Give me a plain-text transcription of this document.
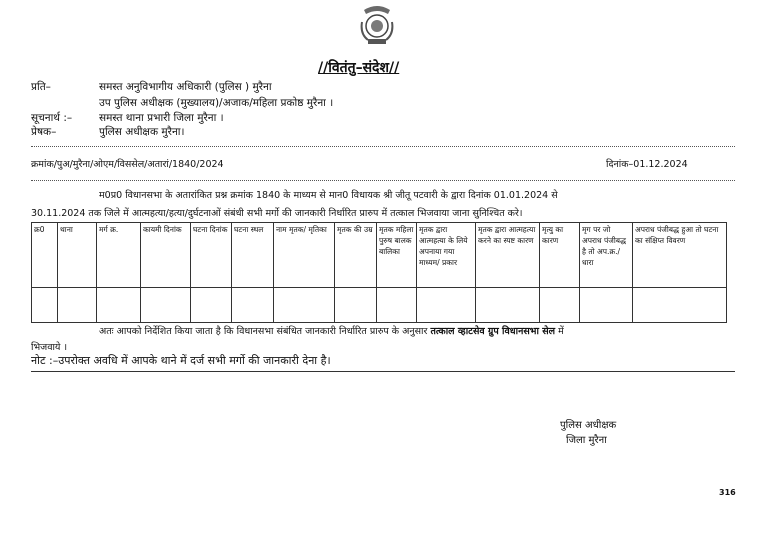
//वितंतु–संदेश//
प्रति–	समस्त अनुविभागीय अधिकारी (पुलिस ) मुरैना
उप पुलिस अधीक्षक (मुख्यालय)/अजाक/महिला प्रकोष्ठ मुरैना ।
सूचनार्थ :–	समस्त थाना प्रभारी जिला मुरैना ।
प्रेषक–	पुलिस अधीक्षक मुरैना।
क्रमांक/पुअ/मुरैना/ओएम/विससेल/अतारां/1840/2024	दिनांक–01.12.2024
म0प्र0 विधानसभा के अतारांकित प्रश्न क्रमांक 1840 के माध्यम से मान0 विधायक श्री जीतू पटवारी के द्वारा दिनांक 01.01.2024 से
30.11.2024 तक जिले में आत्महत्या/हत्या/दुर्घटनाओं संबंधी सभी मर्गो की जानकारी निर्धारित प्रारुप में तत्काल भिजवाया जाना सुनिश्चित करे।
क्र0	थाना	मर्ग क्र.	कायमी दिनांक	घटना दिनांक	घटना स्थल	नाम मृतक/ मृतिका	मृतक की उम्र	मृतक महिला पुरुष बालक बालिका	मृतक द्वारा आत्महत्या के लिये अपनाया गया माध्यम/ प्रकार	मृतक द्वारा आत्महत्या करने का स्पष्ट कारण	मृत्यु का कारण	मृग पर जो अपराध पंजीबद्ध है तो अप.क्र./ धारा	अपराध पंजीबद्ध हुआ तो घटना का संक्षिप्त विवरण

अतः आपको निर्देशित किया जाता है कि विधानसभा संबंधित जानकारी निर्धारित प्रारुप के अनुसार तत्काल व्हाटसेव ग्रुप विधानसभा सेल में
भिजवाये ।
नोट :–उपरोक्त अवधि में आपके थाने में दर्ज सभी मर्गो की जानकारी देना है।
पुलिस अधीक्षक
जिला मुरैना
316
